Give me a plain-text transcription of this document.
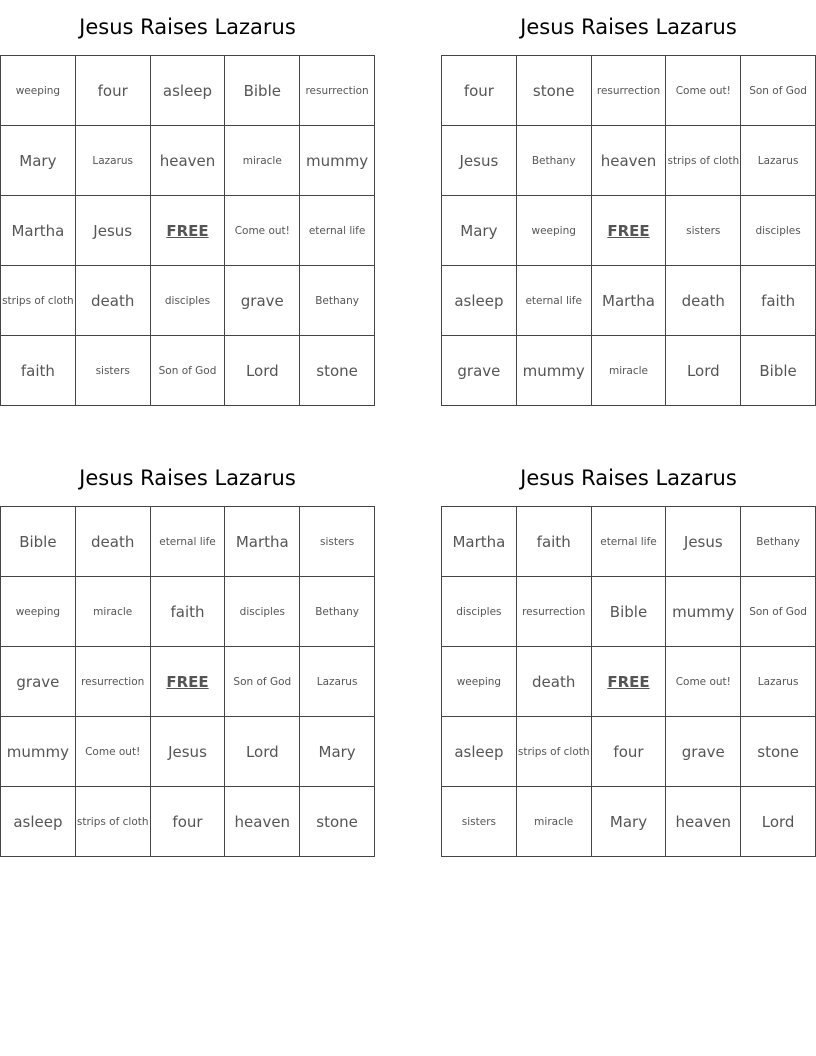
Jesus Raises Lazarus
weeping	four	asleep	Bible	resurrection
Mary	Lazarus	heaven	miracle	mummy
Martha	Jesus	FREE	Come out!	eternal life
strips of cloth	death	disciples	grave	Bethany
faith	sisters	Son of God	Lord	stone
Jesus Raises Lazarus
four	stone	resurrection	Come out!	Son of God
Jesus	Bethany	heaven	strips of cloth	Lazarus
Mary	weeping	FREE	sisters	disciples
asleep	eternal life	Martha	death	faith
grave	mummy	miracle	Lord	Bible
Jesus Raises Lazarus
Bible	death	eternal life	Martha	sisters
weeping	miracle	faith	disciples	Bethany
grave	resurrection	FREE	Son of God	Lazarus
mummy	Come out!	Jesus	Lord	Mary
asleep	strips of cloth	four	heaven	stone
Jesus Raises Lazarus
Martha	faith	eternal life	Jesus	Bethany
disciples	resurrection	Bible	mummy	Son of God
weeping	death	FREE	Come out!	Lazarus
asleep	strips of cloth	four	grave	stone
sisters	miracle	Mary	heaven	Lord
